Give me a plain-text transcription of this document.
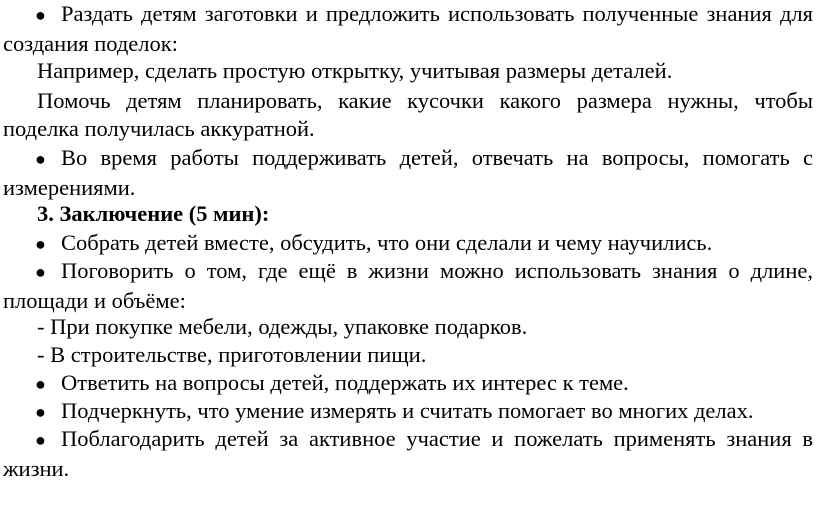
● Раздать детям заготовки и предложить использовать полученные знания для создания поделок:

Например, сделать простую открытку, учитывая размеры деталей.

Помочь детям планировать, какие кусочки какого размера нужны, чтобы поделка получилась аккуратной.

● Во время работы поддерживать детей, отвечать на вопросы, помогать с измерениями.

3. Заключение (5 мин):

● Собрать детей вместе, обсудить, что они сделали и чему научились.

● Поговорить о том, где ещё в жизни можно использовать знания о длине, площади и объёме:

- При покупке мебели, одежды, упаковке подарков.

- В строительстве, приготовлении пищи.

● Ответить на вопросы детей, поддержать их интерес к теме.

● Подчеркнуть, что умение измерять и считать помогает во многих делах.

● Поблагодарить детей за активное участие и пожелать применять знания в жизни.
